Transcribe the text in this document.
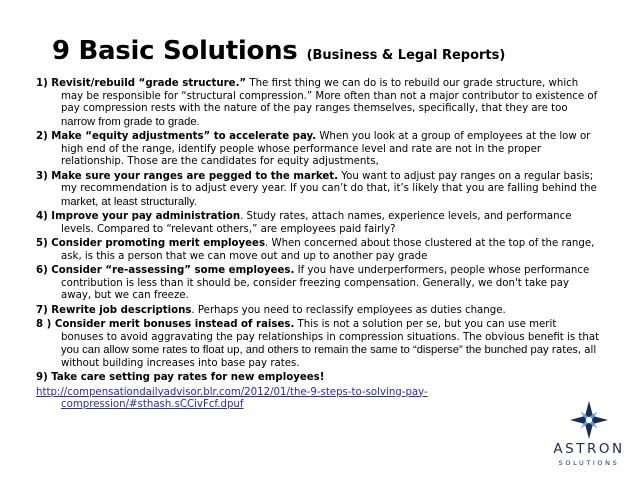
9 Basic Solutions (Business & Legal Reports)
1) Revisit/rebuild “grade structure.” The first thing we can do is to rebuild our grade structure, which may be responsible for “structural compression.” More often than not a major contributor to existence of pay compression rests with the nature of the pay ranges themselves, specifically, that they are too narrow from grade to grade.
2) Make “equity adjustments” to accelerate pay. When you look at a group of employees at the low or high end of the range, identify people whose performance level and rate are not in the proper relationship. Those are the candidates for equity adjustments,
3) Make sure your ranges are pegged to the market. You want to adjust pay ranges on a regular basis; my recommendation is to adjust every year. If you can’t do that, it’s likely that you are falling behind the market, at least structurally.
4) Improve your pay administration. Study rates, attach names, experience levels, and performance levels. Compared to “relevant others,” are employees paid fairly?
5) Consider promoting merit employees. When concerned about those clustered at the top of the range, ask, is this a person that we can move out and up to another pay grade
6) Consider “re-assessing” some employees. If you have underperformers, people whose performance contribution is less than it should be, consider freezing compensation. Generally, we don't take pay away, but we can freeze.
7) Rewrite job descriptions. Perhaps you need to reclassify employees as duties change.
8 ) Consider merit bonuses instead of raises. This is not a solution per se, but you can use merit bonuses to avoid aggravating the pay relationships in compression situations. The obvious benefit is that you can allow some rates to float up, and others to remain the same to “disperse” the bunched pay rates, all without building increases into base pay rates.
9) Take care setting pay rates for new employees!
http://compensationdailyadvisor.blr.com/2012/01/the-9-steps-to-solving-pay-compression/#sthash.sCCivFcf.dpuf
ASTRON
SOLUTIONS
